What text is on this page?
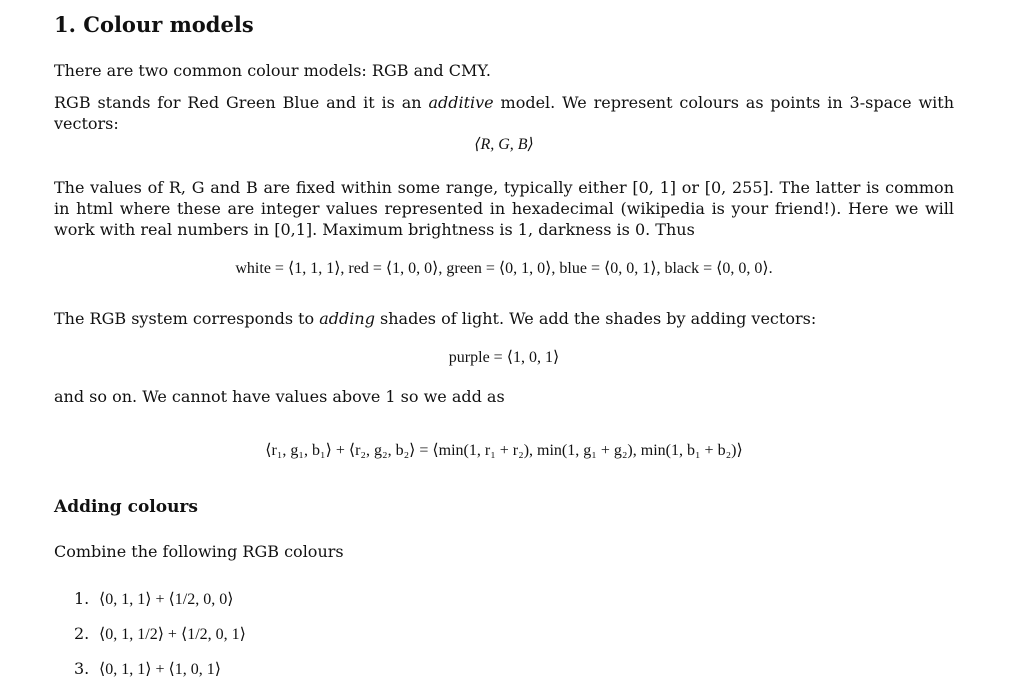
1. Colour models
There are two common colour models: RGB and CMY.
RGB stands for Red Green Blue and it is an additive model. We represent colours as points in 3-space with vectors:
⟨R, G, B⟩
The values of R, G and B are fixed within some range, typically either [0, 1] or [0, 255]. The latter is common in html where these are integer values represented in hexadecimal (wikipedia is your friend!). Here we will work with real numbers in [0,1]. Maximum brightness is 1, darkness is 0. Thus
white = ⟨1, 1, 1⟩, red = ⟨1, 0, 0⟩, green = ⟨0, 1, 0⟩, blue = ⟨0, 0, 1⟩, black = ⟨0, 0, 0⟩.
The RGB system corresponds to adding shades of light. We add the shades by adding vectors:
purple = ⟨1, 0, 1⟩
and so on. We cannot have values above 1 so we add as
⟨r₁, g₁, b₁⟩ + ⟨r₂, g₂, b₂⟩ = ⟨min(1, r₁ + r₂), min(1, g₁ + g₂), min(1, b₁ + b₂)⟩
Adding colours
Combine the following RGB colours
1. ⟨0, 1, 1⟩ + ⟨1/2, 0, 0⟩
2. ⟨0, 1, 1/2⟩ + ⟨1/2, 0, 1⟩
3. ⟨0, 1, 1⟩ + ⟨1, 0, 1⟩
